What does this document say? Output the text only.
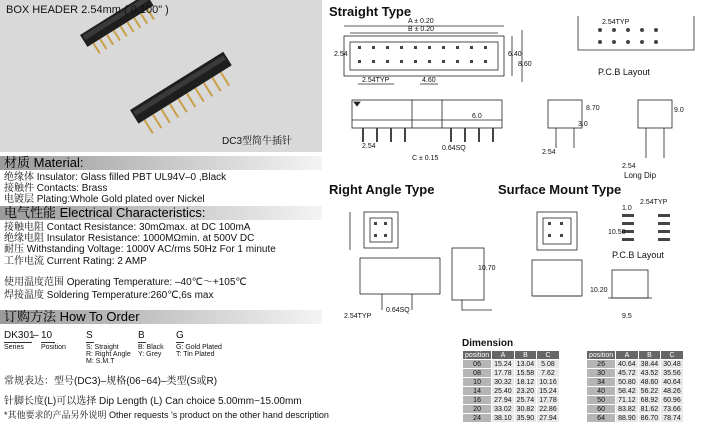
BOX HEADER 2.54mm ( 0.100" )
DC3型简牛插针
材质 Material:
绝缘体 Insulator: Glass filled PBT UL94V–0 ,Black
接触件 Contacts: Brass
电镀层 Plating:Whole Gold plated over Nickel
电气性能 Electrical Characteristics:
接触电阻 Contact Resistance: 30mΩmax. at DC 100mA
绝缘电阻 Insulator Resistance: 1000MΩmin. at 500V DC
耐压 Withstanding Voltage: 1000V AC/rms 50Hz For 1 minute
工作电流 Current Rating: 2 AMP
使用温度范围 Operating Temperature: –40℃～+105℃
焊接温度 Soldering Temperature:260℃,6s max
订购方法 How To Order
DK301
– 10	S	B	G
Series Position	S: Straight
R: Right Angle
M: S.M.T
B: Black
Y: Grey
G: Gold Plated
T: Tin Plated
常规表达：型号(DC3)–规格(06~64)–类型(S或R)
针脚长度(L)可以选择 Dip Length (L) Can choice 5.00mm~15.00mm
*其他要求的产品另外说明 Other requests 's product on the other hand description
Straight Type
Right Angle Type	Surface Mount Type
A ± 0.20
B ± 0.20
2.54TYP	4.60
2.54	6.40
8.60
6.0
2.54	0.64SQ
C ± 0.15
2.54TYP
P.C.B Layout
2.54
8.70
3.0
9.0
2.54
Long Dip
2.54TYP
0.64SQ
10.70
10.20
9.5
1.0
2.54TYP
10.50
P.C.B Layout
Dimension
position	A	B	C
06	15.24	13.04	5.08
08	17.78	15.58	7.62
10	30.32	18.12	10.16
14	25.40	23.20	15.24
16	27.94	25.74	17.78
20	33.02	30.82	22.86
24	38.10	35.90	27.94
position	A	B	C
26	40.64	38.44	30.48
30	45.72	43.52	35.56
34	50.80	48.60	40.64
40	58.42	56.22	48.26
50	71.12	68.92	60.96
60	83.82	81.62	73.66
64	88.90	86.70	78.74
